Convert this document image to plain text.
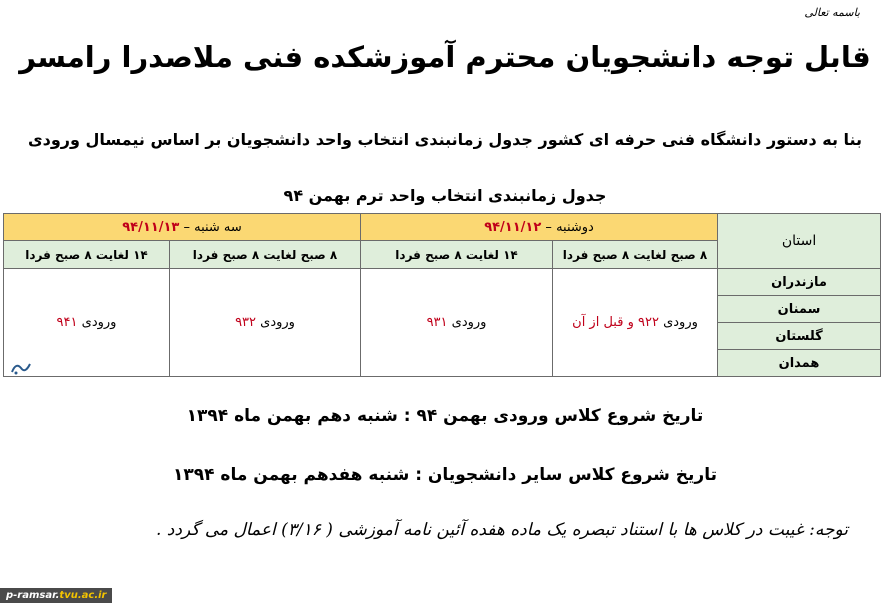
باسمه تعالی
قابل توجه دانشجویان محترم آموزشکده فنی ملاصدرا رامسر
بنا به دستور دانشگاه فنی حرفه ای کشور جدول زمانبندی انتخاب واحد دانشجویان بر اساس نیمسال ورودی
جدول زمانبندی انتخاب واحد ترم بهمن ۹۴
استان	دوشنبه – ۹۴/۱۱/۱۲		سه شنبه – ۹۴/۱۱/۱۳	
	۸ صبح لغایت ۸ صبح فردا	۱۴ لغایت ۸ صبح فردا	۸ صبح لغایت ۸ صبح فردا	۱۴ لغایت ۸ صبح فردا
مازندران	ورودی ۹۲۲ و قبل از آن	ورودی ۹۳۱	ورودی ۹۳۲	ورودی ۹۴۱
سمنان				
گلستان				
همدان				
تاریخ شروع کلاس ورودی بهمن ۹۴ : شنبه دهم بهمن ماه ۱۳۹۴
تاریخ شروع کلاس سایر دانشجویان : شنبه هفدهم بهمن ماه ۱۳۹۴
توجه: غیبت در کلاس ها با استناد تبصره یک ماده هفده آئین نامه آموزشی ( ۳/۱۶) اعمال می گردد .
p-ramsar.tvu.ac.ir
